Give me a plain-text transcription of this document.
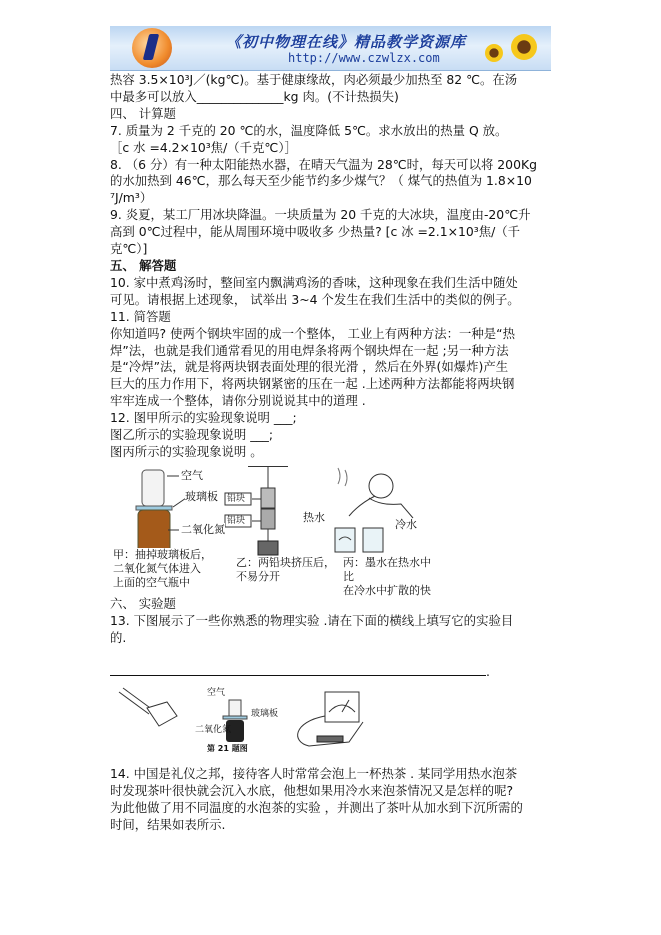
《初中物理在线》精品教学资源库
http://www.czwlzx.com

热容 3.5×10³J／(kg℃)。基于健康缘故，肉必须最少加热至 82 ℃。在汤

中最多可以放入______________kg 肉。(不计热损失)

四、 计算题

7. 质量为 2 千克的 20 ℃的水，温度降低 5℃。求水放出的热量 Q 放。

［c 水 =4.2×10³焦/（千克℃）］

8. （6 分）有一种太阳能热水器，在晴天气温为 28℃时，每天可以将 200Kg

的水加热到 46℃，那么每天至少能节约多少煤气？（ 煤气的热值为 1.8×10

⁷J/m³）

9. 炎夏，某工厂用冰块降温。一块质量为 20 千克的大冰块，温度由-20℃升

高到 0℃过程中，能从周围环境中吸收多 少热量? [c 冰 =2.1×10³焦/（千

克℃）]

五、 解答题

10. 家中煮鸡汤时，整间室内飘满鸡汤的香味，这种现象在我们生活中随处

可见。请根据上述现象， 试举出 3~4 个发生在我们生活中的类似的例子。

11. 简答题

你知道吗? 使两个钢块牢固的成一个整体， 工业上有两种方法：一种是“热

焊”法，也就是我们通常看见的用电焊条将两个钢块焊在一起 ;另一种方法

是“冷焊”法，就是将两块钢表面处理的很光滑 ，然后在外界(如爆炸)产生

巨大的压力作用下，将两块钢紧密的压在一起 .上述两种方法都能将两块钢

牢牢连成一个整体，请你分别说说其中的道理 .

12. 图甲所示的实验现象说明 ___;

图乙所示的实验现象说明 ___;

图丙所示的实验现象说明 。

空气
玻璃板
二氧化氮
铅块
铅块	热水
冷水
甲：抽掉玻璃板后，
二氧化氮气体进入
上面的空气瓶中
乙：两铅块挤压后，
不易分开
丙：墨水在热水中比
在冷水中扩散的快

六、 实验题

13. 下图展示了一些你熟悉的物理实验 .请在下面的横线上填写它的实验目

的.

.

空气
玻璃板
二氧化氮
第 21 题图

14. 中国是礼仪之邦，接待客人时常常会泡上一杯热茶 . 某同学用热水泡茶

时发现茶叶很快就会沉入水底，他想如果用冷水来泡茶情况又是怎样的呢?

为此他做了用不同温度的水泡茶的实验 ，并测出了茶叶从加水到下沉所需的

时间，结果如表所示.
